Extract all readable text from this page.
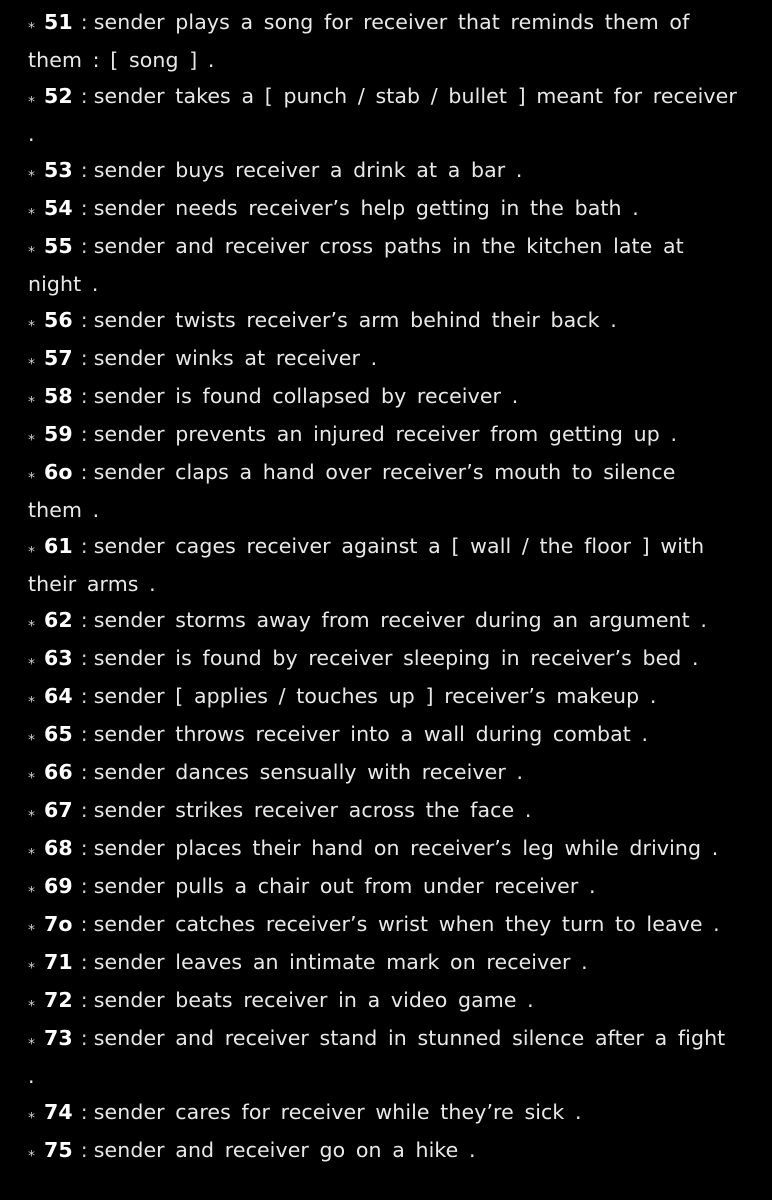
⁎ 51 : sender plays a song for receiver that reminds them of them : [ song ] .
⁎ 52 : sender takes a [ punch / stab / bullet ] meant for receiver .
⁎ 53 : sender buys receiver a drink at a bar .
⁎ 54 : sender needs receiver’s help getting in the bath .
⁎ 55 : sender and receiver cross paths in the kitchen late at night .
⁎ 56 : sender twists receiver’s arm behind their back .
⁎ 57 : sender winks at receiver .
⁎ 58 : sender is found collapsed by receiver .
⁎ 59 : sender prevents an injured receiver from getting up .
⁎ 6o : sender claps a hand over receiver’s mouth to silence them .
⁎ 61 : sender cages receiver against a [ wall / the floor ] with their arms .
⁎ 62 : sender storms away from receiver during an argument .
⁎ 63 : sender is found by receiver sleeping in receiver’s bed .
⁎ 64 : sender [ applies / touches up ] receiver’s makeup .
⁎ 65 : sender throws receiver into a wall during combat .
⁎ 66 : sender dances sensually with receiver .
⁎ 67 : sender strikes receiver across the face .
⁎ 68 : sender places their hand on receiver’s leg while driving .
⁎ 69 : sender pulls a chair out from under receiver .
⁎ 7o : sender catches receiver’s wrist when they turn to leave .
⁎ 71 : sender leaves an intimate mark on receiver .
⁎ 72 : sender beats receiver in a video game .
⁎ 73 : sender and receiver stand in stunned silence after a fight .
⁎ 74 : sender cares for receiver while they’re sick .
⁎ 75 : sender and receiver go on a hike .
